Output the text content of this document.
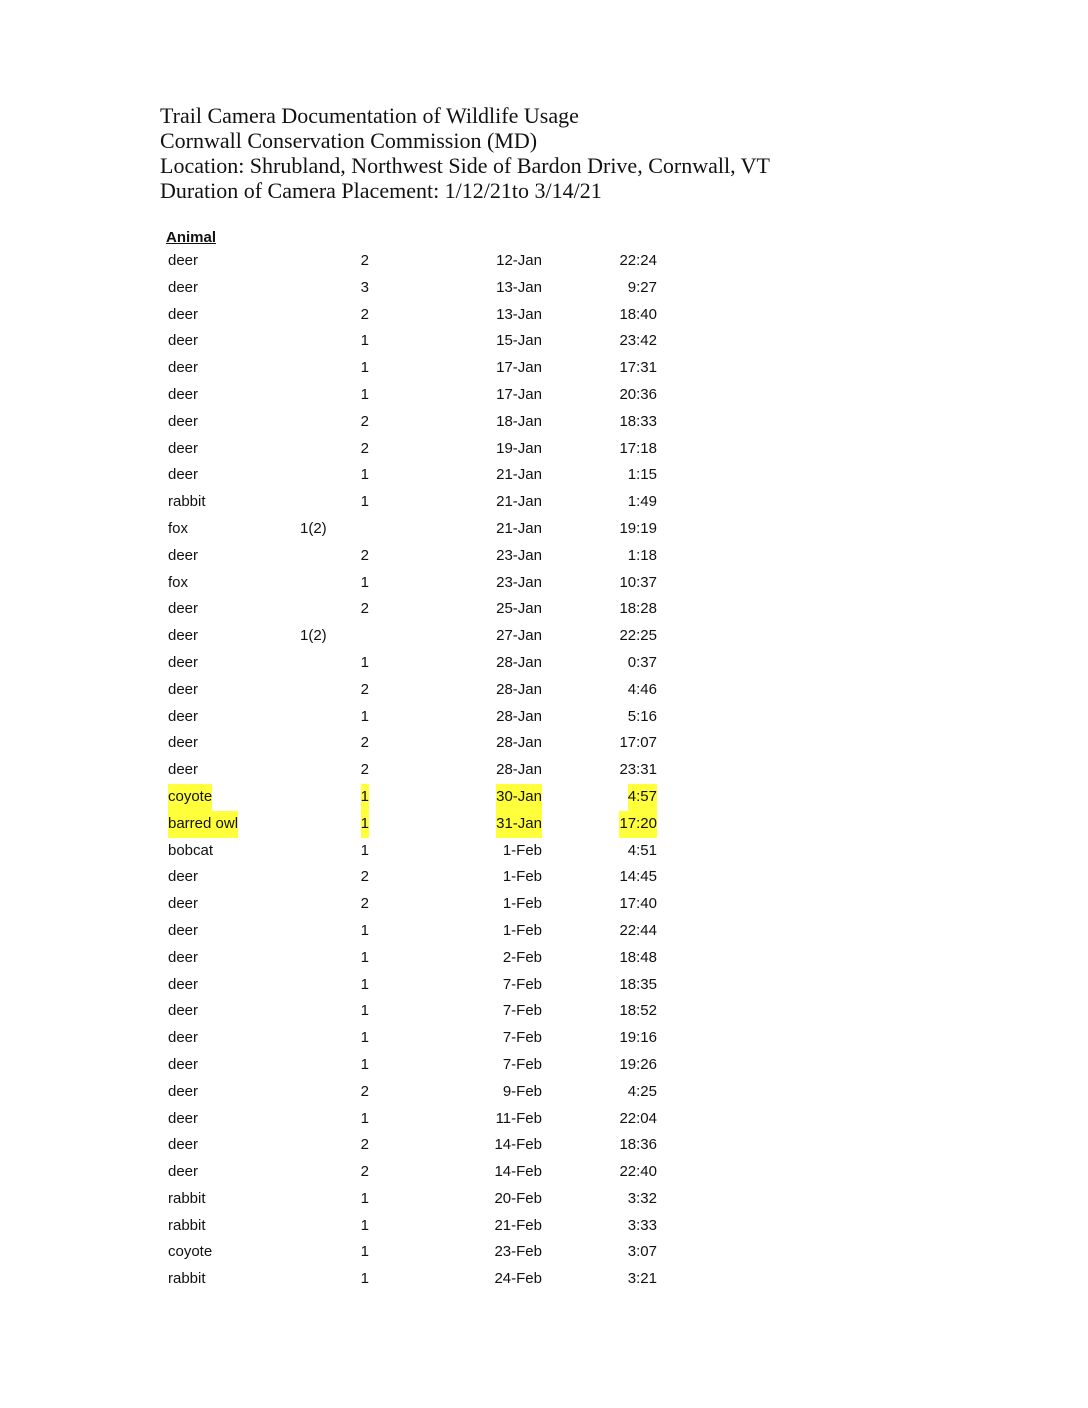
Trail Camera Documentation of Wildlife Usage
Cornwall Conservation Commission (MD)
Location: Shrubland, Northwest Side of Bardon Drive, Cornwall, VT
Duration of Camera Placement: 1/12/21to 3/14/21
Animal
deer	2	12-Jan	22:24
deer	3	13-Jan	9:27
deer	2	13-Jan	18:40
deer	1	15-Jan	23:42
deer	1	17-Jan	17:31
deer	1	17-Jan	20:36
deer	2	18-Jan	18:33
deer	2	19-Jan	17:18
deer	1	21-Jan	1:15
rabbit	1	21-Jan	1:49
fox	1(2)	21-Jan	19:19
deer	2	23-Jan	1:18
fox	1	23-Jan	10:37
deer	2	25-Jan	18:28
deer	1(2)	27-Jan	22:25
deer	1	28-Jan	0:37
deer	2	28-Jan	4:46
deer	1	28-Jan	5:16
deer	2	28-Jan	17:07
deer	2	28-Jan	23:31
coyote	1	30-Jan	4:57
barred owl	1	31-Jan	17:20
bobcat	1	1-Feb	4:51
deer	2	1-Feb	14:45
deer	2	1-Feb	17:40
deer	1	1-Feb	22:44
deer	1	2-Feb	18:48
deer	1	7-Feb	18:35
deer	1	7-Feb	18:52
deer	1	7-Feb	19:16
deer	1	7-Feb	19:26
deer	2	9-Feb	4:25
deer	1	11-Feb	22:04
deer	2	14-Feb	18:36
deer	2	14-Feb	22:40
rabbit	1	20-Feb	3:32
rabbit	1	21-Feb	3:33
coyote	1	23-Feb	3:07
rabbit	1	24-Feb	3:21
